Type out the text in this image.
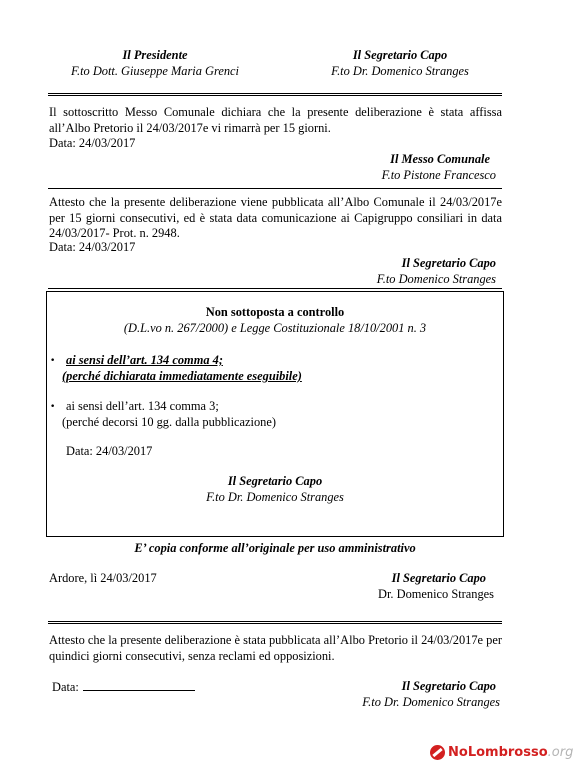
Il Presidente
F.to Dott. Giuseppe Maria Grenci
Il Segretario Capo
F.to Dr. Domenico Stranges
Il sottoscritto Messo Comunale dichiara che la presente deliberazione è stata affissa all’Albo Pretorio il 24/03/2017e vi rimarrà per 15 giorni.
Data: 24/03/2017
Il Messo Comunale
F.to Pistone Francesco
Attesto che la presente deliberazione viene pubblicata all’Albo Comunale il 24/03/2017e per 15 giorni consecutivi, ed è stata data comunicazione ai Capigruppo consiliari in data 24/03/2017- Prot. n. 2948.
Data: 24/03/2017
Il Segretario Capo
F.to Domenico Stranges
Non sottoposta a controllo
(D.L.vo n. 267/2000) e Legge Costituzionale 18/10/2001 n. 3
• ai sensi dell’art. 134 comma 4;
(perché dichiarata immediatamente eseguibile)
• ai sensi dell’art. 134 comma 3;
(perché decorsi 10 gg. dalla pubblicazione)
Data: 24/03/2017
Il Segretario Capo
F.to Dr. Domenico Stranges
E’ copia conforme all’originale per uso amministrativo
Ardore, lì 24/03/2017	Il Segretario Capo
Dr. Domenico Stranges
Attesto che la presente deliberazione è stata pubblicata all’Albo Pretorio il 24/03/2017e per quindici giorni consecutivi, senza reclami ed opposizioni.
Data:	Il Segretario Capo
F.to Dr. Domenico Stranges
NoLombrosso.org
